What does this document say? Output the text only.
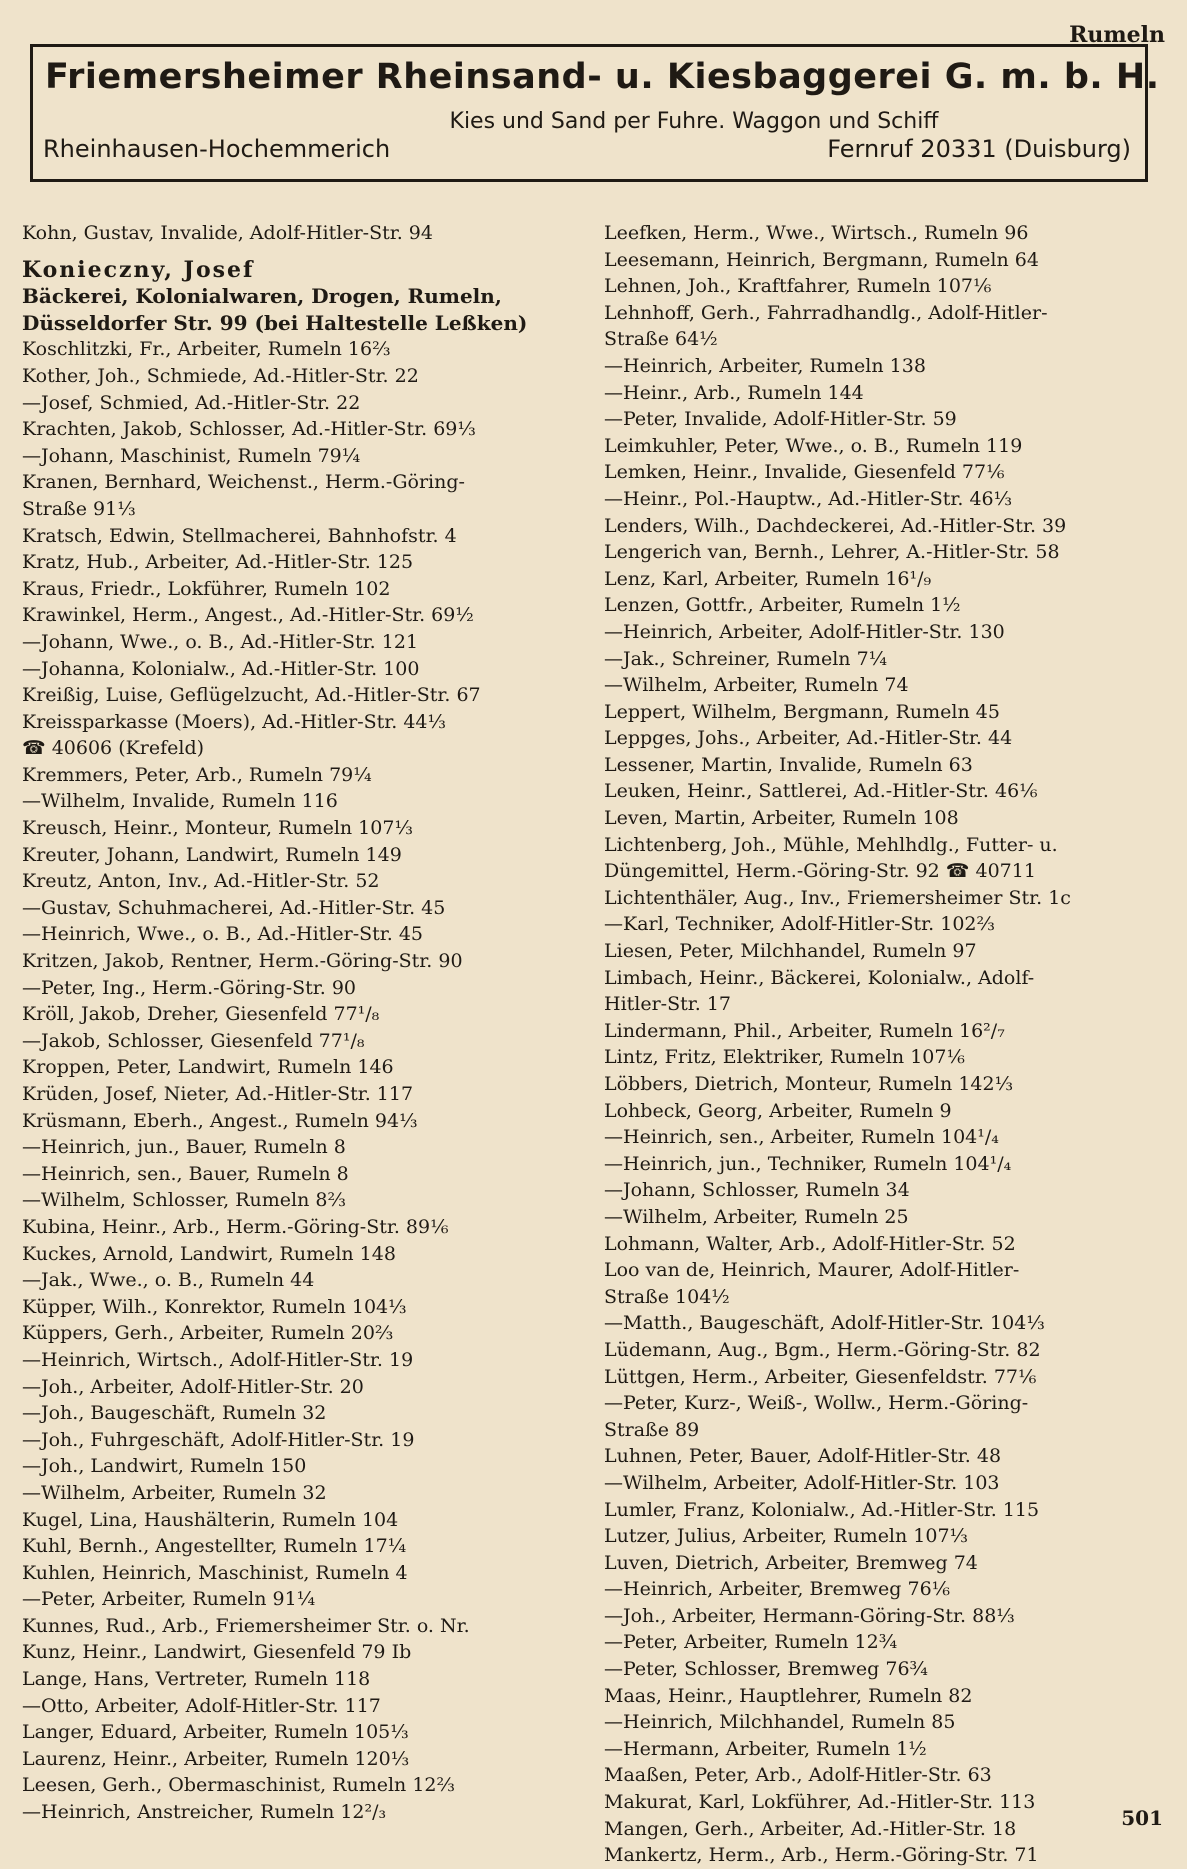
Rumeln
Friemersheimer Rheinsand- u. Kiesbaggerei G. m. b. H.
Kies und Sand per Fuhre. Waggon und Schiff
Rheinhausen-Hochemmerich	Fernruf 20331 (Duisburg)
Kohn, Gustav, Invalide, Adolf-Hitler-Str. 94
Konieczny, Josef
Bäckerei, Kolonialwaren, Drogen, Rumeln,
Düsseldorfer Str. 99 (bei Haltestelle Leßken)
Koschlitzki, Fr., Arbeiter, Rumeln 16⅔
Kother, Joh., Schmiede, Ad.-Hitler-Str. 22
—Josef, Schmied, Ad.-Hitler-Str. 22
Krachten, Jakob, Schlosser, Ad.-Hitler-Str. 69⅓
—Johann, Maschinist, Rumeln 79¼
Kranen, Bernhard, Weichenst., Herm.-Göring-
Straße 91⅓
Kratsch, Edwin, Stellmacherei, Bahnhofstr. 4
Kratz, Hub., Arbeiter, Ad.-Hitler-Str. 125
Kraus, Friedr., Lokführer, Rumeln 102
Krawinkel, Herm., Angest., Ad.-Hitler-Str. 69½
—Johann, Wwe., o. B., Ad.-Hitler-Str. 121
—Johanna, Kolonialw., Ad.-Hitler-Str. 100
Kreißig, Luise, Geflügelzucht, Ad.-Hitler-Str. 67
Kreissparkasse (Moers), Ad.-Hitler-Str. 44⅓
☎ 40606 (Krefeld)
Kremmers, Peter, Arb., Rumeln 79¼
—Wilhelm, Invalide, Rumeln 116
Kreusch, Heinr., Monteur, Rumeln 107⅓
Kreuter, Johann, Landwirt, Rumeln 149
Kreutz, Anton, Inv., Ad.-Hitler-Str. 52
—Gustav, Schuhmacherei, Ad.-Hitler-Str. 45
—Heinrich, Wwe., o. B., Ad.-Hitler-Str. 45
Kritzen, Jakob, Rentner, Herm.-Göring-Str. 90
—Peter, Ing., Herm.-Göring-Str. 90
Kröll, Jakob, Dreher, Giesenfeld 77¹/₈
—Jakob, Schlosser, Giesenfeld 77¹/₈
Kroppen, Peter, Landwirt, Rumeln 146
Krüden, Josef, Nieter, Ad.-Hitler-Str. 117
Krüsmann, Eberh., Angest., Rumeln 94⅓
—Heinrich, jun., Bauer, Rumeln 8
—Heinrich, sen., Bauer, Rumeln 8
—Wilhelm, Schlosser, Rumeln 8⅔
Kubina, Heinr., Arb., Herm.-Göring-Str. 89⅙
Kuckes, Arnold, Landwirt, Rumeln 148
—Jak., Wwe., o. B., Rumeln 44
Küpper, Wilh., Konrektor, Rumeln 104⅓
Küppers, Gerh., Arbeiter, Rumeln 20⅔
—Heinrich, Wirtsch., Adolf-Hitler-Str. 19
—Joh., Arbeiter, Adolf-Hitler-Str. 20
—Joh., Baugeschäft, Rumeln 32
—Joh., Fuhrgeschäft, Adolf-Hitler-Str. 19
—Joh., Landwirt, Rumeln 150
—Wilhelm, Arbeiter, Rumeln 32
Kugel, Lina, Haushälterin, Rumeln 104
Kuhl, Bernh., Angestellter, Rumeln 17¼
Kuhlen, Heinrich, Maschinist, Rumeln 4
—Peter, Arbeiter, Rumeln 91¼
Kunnes, Rud., Arb., Friemersheimer Str. o. Nr.
Kunz, Heinr., Landwirt, Giesenfeld 79 Ib
Lange, Hans, Vertreter, Rumeln 118
—Otto, Arbeiter, Adolf-Hitler-Str. 117
Langer, Eduard, Arbeiter, Rumeln 105⅓
Laurenz, Heinr., Arbeiter, Rumeln 120⅓
Leesen, Gerh., Obermaschinist, Rumeln 12⅔
—Heinrich, Anstreicher, Rumeln 12²/₃
Leefken, Herm., Wwe., Wirtsch., Rumeln 96
Leesemann, Heinrich, Bergmann, Rumeln 64
Lehnen, Joh., Kraftfahrer, Rumeln 107⅙
Lehnhoff, Gerh., Fahrradhandlg., Adolf-Hitler-
Straße 64½
—Heinrich, Arbeiter, Rumeln 138
—Heinr., Arb., Rumeln 144
—Peter, Invalide, Adolf-Hitler-Str. 59
Leimkuhler, Peter, Wwe., o. B., Rumeln 119
Lemken, Heinr., Invalide, Giesenfeld 77⅙
—Heinr., Pol.-Hauptw., Ad.-Hitler-Str. 46⅓
Lenders, Wilh., Dachdeckerei, Ad.-Hitler-Str. 39
Lengerich van, Bernh., Lehrer, A.-Hitler-Str. 58
Lenz, Karl, Arbeiter, Rumeln 16¹/₉
Lenzen, Gottfr., Arbeiter, Rumeln 1½
—Heinrich, Arbeiter, Adolf-Hitler-Str. 130
—Jak., Schreiner, Rumeln 7¼
—Wilhelm, Arbeiter, Rumeln 74
Leppert, Wilhelm, Bergmann, Rumeln 45
Leppges, Johs., Arbeiter, Ad.-Hitler-Str. 44
Lessener, Martin, Invalide, Rumeln 63
Leuken, Heinr., Sattlerei, Ad.-Hitler-Str. 46⅙
Leven, Martin, Arbeiter, Rumeln 108
Lichtenberg, Joh., Mühle, Mehlhdlg., Futter- u.
Düngemittel, Herm.-Göring-Str. 92 ☎ 40711
Lichtenthäler, Aug., Inv., Friemersheimer Str. 1c
—Karl, Techniker, Adolf-Hitler-Str. 102⅔
Liesen, Peter, Milchhandel, Rumeln 97
Limbach, Heinr., Bäckerei, Kolonialw., Adolf-
Hitler-Str. 17
Lindermann, Phil., Arbeiter, Rumeln 16²/₇
Lintz, Fritz, Elektriker, Rumeln 107⅙
Löbbers, Dietrich, Monteur, Rumeln 142⅓
Lohbeck, Georg, Arbeiter, Rumeln 9
—Heinrich, sen., Arbeiter, Rumeln 104¹/₄
—Heinrich, jun., Techniker, Rumeln 104¹/₄
—Johann, Schlosser, Rumeln 34
—Wilhelm, Arbeiter, Rumeln 25
Lohmann, Walter, Arb., Adolf-Hitler-Str. 52
Loo van de, Heinrich, Maurer, Adolf-Hitler-
Straße 104½
—Matth., Baugeschäft, Adolf-Hitler-Str. 104⅓
Lüdemann, Aug., Bgm., Herm.-Göring-Str. 82
Lüttgen, Herm., Arbeiter, Giesenfeldstr. 77⅙
—Peter, Kurz-, Weiß-, Wollw., Herm.-Göring-
Straße 89
Luhnen, Peter, Bauer, Adolf-Hitler-Str. 48
—Wilhelm, Arbeiter, Adolf-Hitler-Str. 103
Lumler, Franz, Kolonialw., Ad.-Hitler-Str. 115
Lutzer, Julius, Arbeiter, Rumeln 107⅓
Luven, Dietrich, Arbeiter, Bremweg 74
—Heinrich, Arbeiter, Bremweg 76⅙
—Joh., Arbeiter, Hermann-Göring-Str. 88⅓
—Peter, Arbeiter, Rumeln 12¾
—Peter, Schlosser, Bremweg 76¾
Maas, Heinr., Hauptlehrer, Rumeln 82
—Heinrich, Milchhandel, Rumeln 85
—Hermann, Arbeiter, Rumeln 1½
Maaßen, Peter, Arb., Adolf-Hitler-Str. 63
Makurat, Karl, Lokführer, Ad.-Hitler-Str. 113
Mangen, Gerh., Arbeiter, Ad.-Hitler-Str. 18
Mankertz, Herm., Arb., Herm.-Göring-Str. 71
501
